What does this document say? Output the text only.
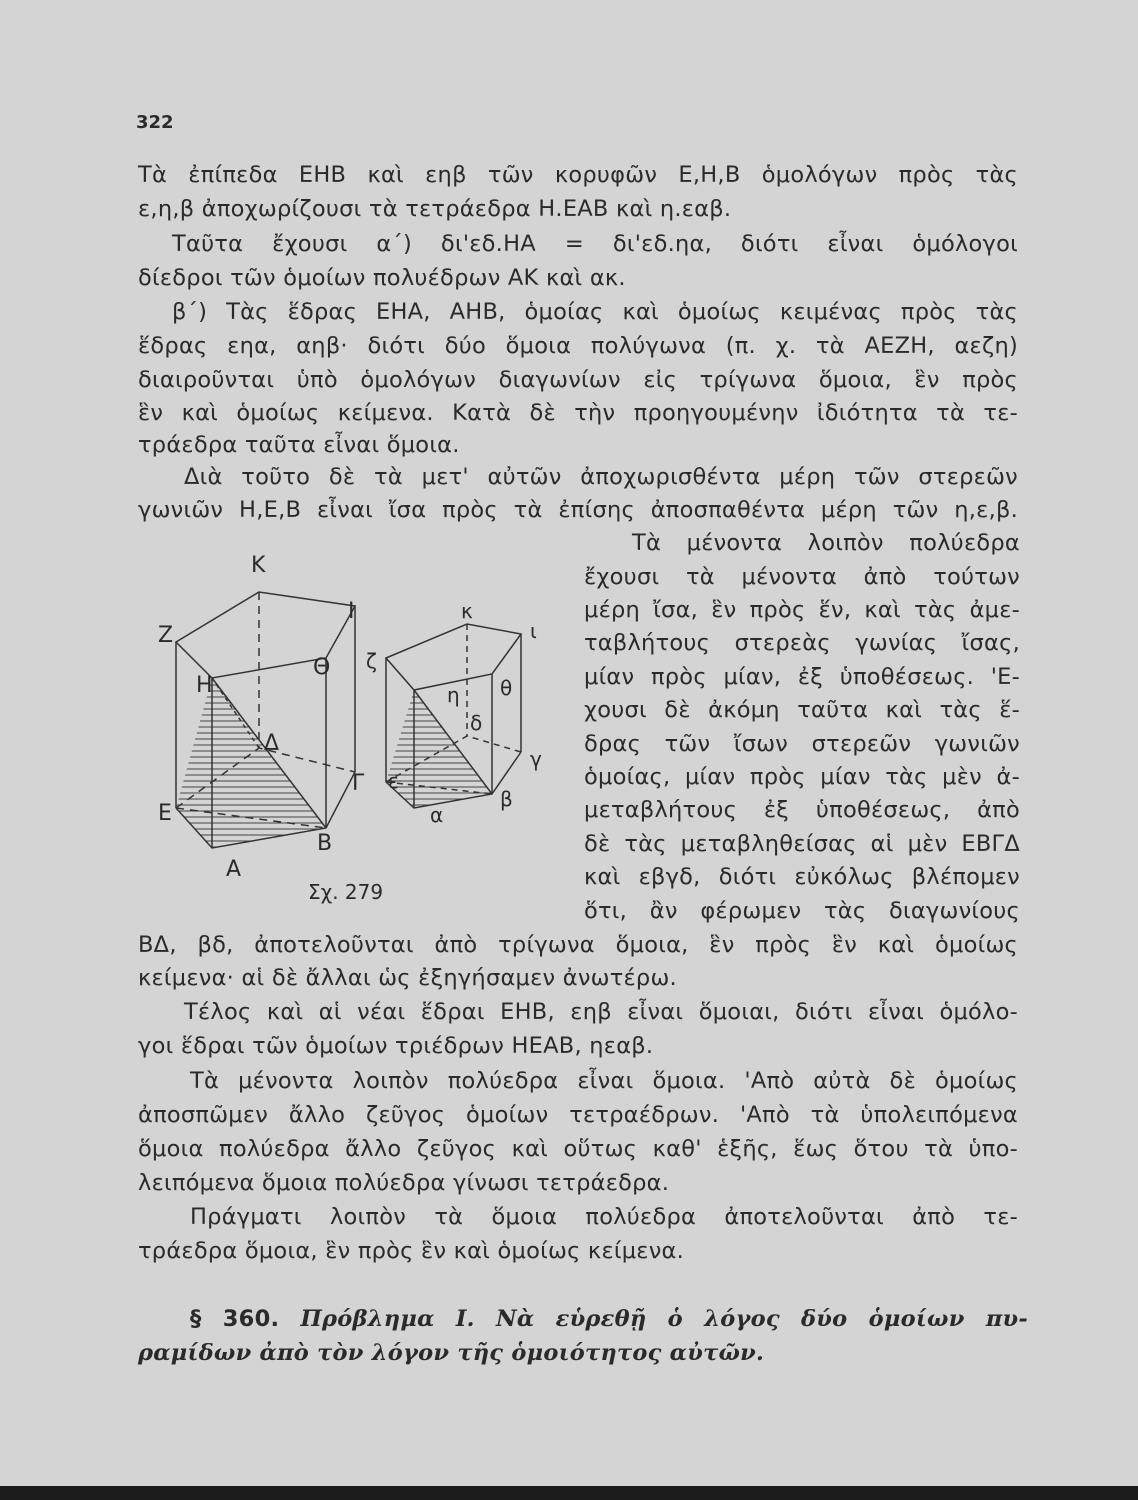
322
Τὰ ἐπίπεδα ΕΗΒ καὶ εηβ τῶν κορυφῶν Ε,Η,Β ὁμολόγων πρὸς τὰς
ε,η,β ἀποχωρίζουσι τὰ τετράεδρα Η.ΕΑΒ καὶ η.εαβ.
Ταῦτα ἔχουσι α΄) δι'εδ.ΗΑ = δι'εδ.ηα, διότι εἶναι ὁμόλογοι
δίεδροι τῶν ὁμοίων πολυέδρων ΑΚ καὶ ακ.
β΄) Τὰς ἕδρας ΕΗΑ, ΑΗΒ, ὁμοίας καὶ ὁμοίως κειμένας πρὸς τὰς
ἕδρας εηα, αηβ· διότι δύο ὅμοια πολύγωνα (π. χ. τὰ ΑΕΖΗ, αεζη)
διαιροῦνται ὑπὸ ὁμολόγων διαγωνίων εἰς τρίγωνα ὅμοια, ἓν πρὸς
ἓν καὶ ὁμοίως κείμενα. Κατὰ δὲ τὴν προηγουμένην ἰδιότητα τὰ τε-
τράεδρα ταῦτα εἶναι ὅμοια.
Διὰ τοῦτο δὲ τὰ μετ' αὐτῶν ἀποχωρισθέντα μέρη τῶν στερεῶν
γωνιῶν Η,Ε,Β εἶναι ἴσα πρὸς τὰ ἐπίσης ἀποσπαθέντα μέρη τῶν η,ε,β.
Τὰ μένοντα λοιπὸν πολύεδρα
ἔχουσι τὰ μένοντα ἀπὸ τούτων
μέρη ἴσα, ἓν πρὸς ἕν, καὶ τὰς ἀμε-
ταβλήτους στερεὰς γωνίας ἴσας,
μίαν πρὸς μίαν, ἐξ ὑποθέσεως. 'Ε-
χουσι δὲ ἀκόμη ταῦτα καὶ τὰς ἕ-
δρας τῶν ἴσων στερεῶν γωνιῶν
ὁμοίας, μίαν πρὸς μίαν τὰς μὲν ἀ-
μεταβλήτους ἐξ ὑποθέσεως, ἀπὸ
δὲ τὰς μεταβληθείσας αἱ μὲν ΕΒΓΔ
καὶ εβγδ, διότι εὐκόλως βλέπομεν
ὅτι, ἂν φέρωμεν τὰς διαγωνίους
K
Z
I
H
Θ
Δ
Γ
E
B
A
κ
ζ
ι
η θ
δ
γ
ε
β
α
Σχ. 279
ΒΔ, βδ, ἀποτελοῦνται ἀπὸ τρίγωνα ὅμοια, ἓν πρὸς ἓν καὶ ὁμοίως
κείμενα· αἱ δὲ ἄλλαι ὡς ἐξηγήσαμεν ἀνωτέρω.
Τέλος καὶ αἱ νέαι ἕδραι ΕΗΒ, εηβ εἶναι ὅμοιαι, διότι εἶναι ὁμόλο-
γοι ἕδραι τῶν ὁμοίων τριέδρων ΗΕΑΒ, ηεαβ.
Τὰ μένοντα λοιπὸν πολύεδρα εἶναι ὅμοια. 'Απὸ αὐτὰ δὲ ὁμοίως
ἀποσπῶμεν ἄλλο ζεῦγος ὁμοίων τετραέδρων. 'Απὸ τὰ ὑπολειπόμενα
ὅμοια πολύεδρα ἄλλο ζεῦγος καὶ οὕτως καθ' ἑξῆς, ἕως ὅτου τὰ ὑπο-
λειπόμενα ὅμοια πολύεδρα γίνωσι τετράεδρα.
Πράγματι λοιπὸν τὰ ὅμοια πολύεδρα ἀποτελοῦνται ἀπὸ τε-
τράεδρα ὅμοια, ἓν πρὸς ἓν καὶ ὁμοίως κείμενα.
§ 360. Πρόβλημα Ι. Νὰ εὑρεθῇ ὁ λόγος δύο ὁμοίων πυ-
ραμίδων ἀπὸ τὸν λόγον τῆς ὁμοιότητος αὐτῶν.
